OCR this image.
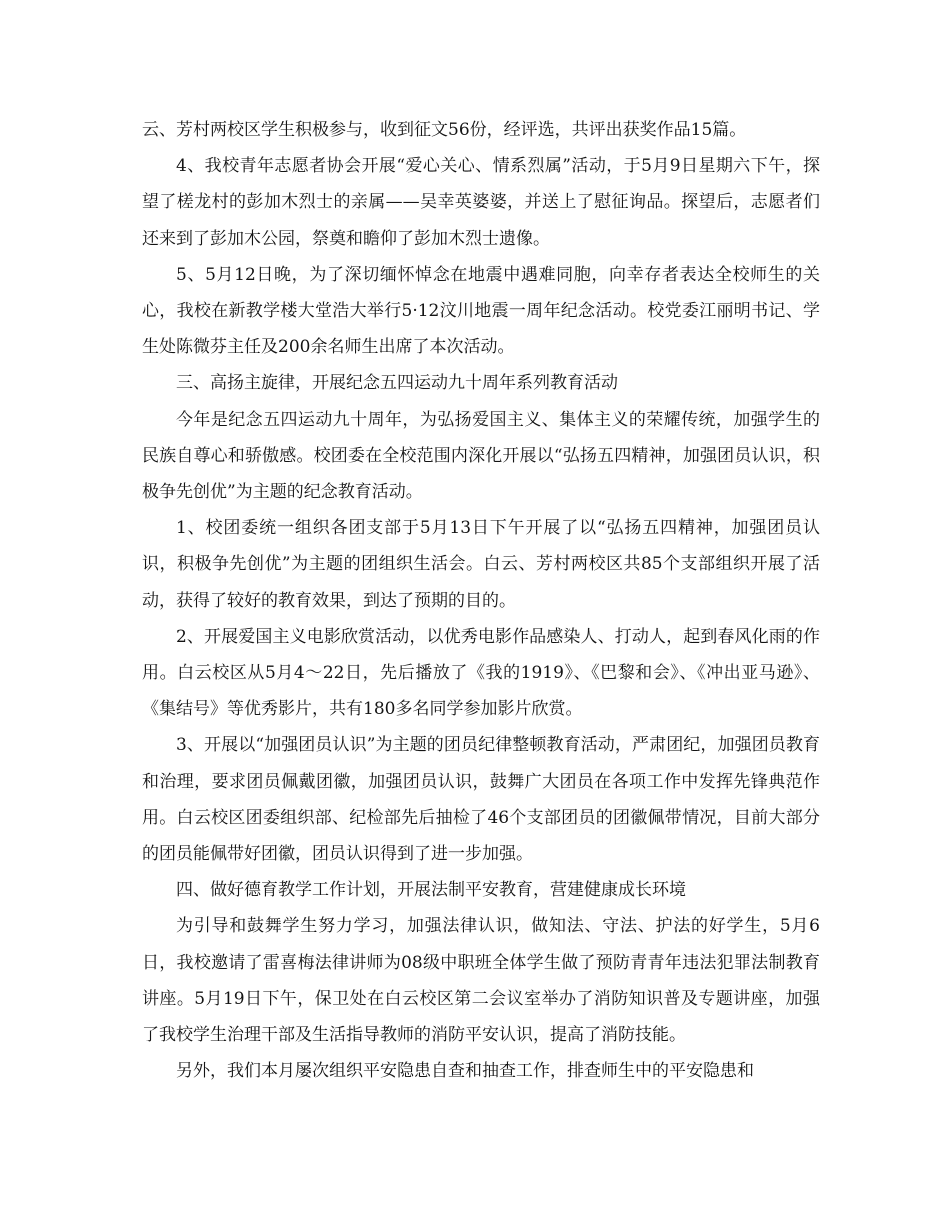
云、芳村两校区学生积极参与，收到征文56份，经评选，共评出获奖作品15篇。

4、我校青年志愿者协会开展“爱心关心、情系烈属”活动，于5月9日星期六下午，探望了槎龙村的彭加木烈士的亲属——吴幸英婆婆，并送上了慰征询品。探望后，志愿者们还来到了彭加木公园，祭奠和瞻仰了彭加木烈士遗像。

5、5月12日晚，为了深切缅怀悼念在地震中遇难同胞，向幸存者表达全校师生的关心，我校在新教学楼大堂浩大举行5·12汶川地震一周年纪念活动。校党委江丽明书记、学生处陈微芬主任及200余名师生出席了本次活动。

三、高扬主旋律，开展纪念五四运动九十周年系列教育活动

今年是纪念五四运动九十周年，为弘扬爱国主义、集体主义的荣耀传统，加强学生的民族自尊心和骄傲感。校团委在全校范围内深化开展以“弘扬五四精神，加强团员认识，积极争先创优”为主题的纪念教育活动。

1、校团委统一组织各团支部于5月13日下午开展了以“弘扬五四精神，加强团员认识，积极争先创优”为主题的团组织生活会。白云、芳村两校区共85个支部组织开展了活动，获得了较好的教育效果，到达了预期的目的。

2、开展爱国主义电影欣赏活动，以优秀电影作品感染人、打动人，起到春风化雨的作用。白云校区从5月4～22日，先后播放了《我的1919》、《巴黎和会》、《冲出亚马逊》、《集结号》等优秀影片，共有180多名同学参加影片欣赏。

3、开展以“加强团员认识”为主题的团员纪律整顿教育活动，严肃团纪，加强团员教育和治理，要求团员佩戴团徽，加强团员认识，鼓舞广大团员在各项工作中发挥先锋典范作用。白云校区团委组织部、纪检部先后抽检了46个支部团员的团徽佩带情况，目前大部分的团员能佩带好团徽，团员认识得到了进一步加强。

四、做好德育教学工作计划，开展法制平安教育，营建健康成长环境

为引导和鼓舞学生努力学习，加强法律认识，做知法、守法、护法的好学生，5月6日，我校邀请了雷喜梅法律讲师为08级中职班全体学生做了预防青青年违法犯罪法制教育讲座。5月19日下午，保卫处在白云校区第二会议室举办了消防知识普及专题讲座，加强了我校学生治理干部及生活指导教师的消防平安认识，提高了消防技能。

另外，我们本月屡次组织平安隐患自查和抽查工作，排查师生中的平安隐患和
